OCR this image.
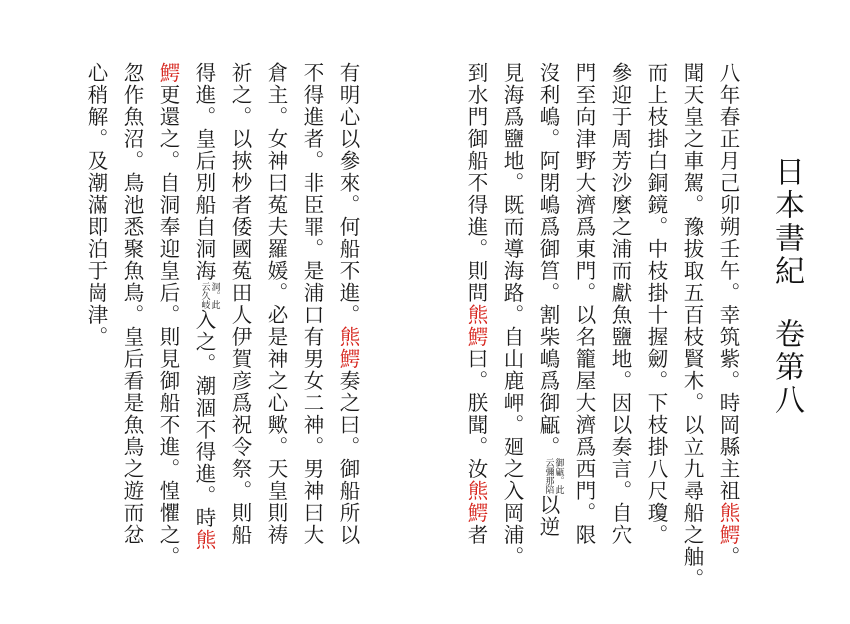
日本書紀卷第八
八年春正月己卯朔壬午。幸筑紫。時岡縣主祖熊鰐。
聞天皇之車駕。豫拔取五百枝賢木。以立九尋船之舳。
而上枝掛白銅鏡。中枝掛十握劒。下枝掛八尺瓊。
參迎于周芳沙麼之浦而獻魚鹽地。因以奏言。自穴
門至向津野大濟爲東門。以名籠屋大濟爲西門。限
沒利嶋。阿閉嶋爲御筥。割柴嶋爲御甂。御甂。此
云彌那陪以逆
見海爲鹽地。既而導海路。自山鹿岬。廻之入岡浦。
到水門御船不得進。則問熊鰐曰。朕聞。汝熊鰐者
有明心以參來。何船不進。熊鰐奏之曰。御船所以
不得進者。非臣罪。是浦口有男女二神。男神曰大
倉主。女神曰菟夫羅媛。必是神之心歟。天皇則祷
祈之。以挾杪者倭國菟田人伊賀彦爲祝令祭。則船
得進。皇后別船自洞海洞。此
云久岐入之。潮涸不得進。時熊
鰐更還之。自洞奉迎皇后。則見御船不進。惶懼之。
忽作魚沼。鳥池悉聚魚鳥。皇后看是魚鳥之遊而忿
心稍解。及潮滿即泊于崗津。
